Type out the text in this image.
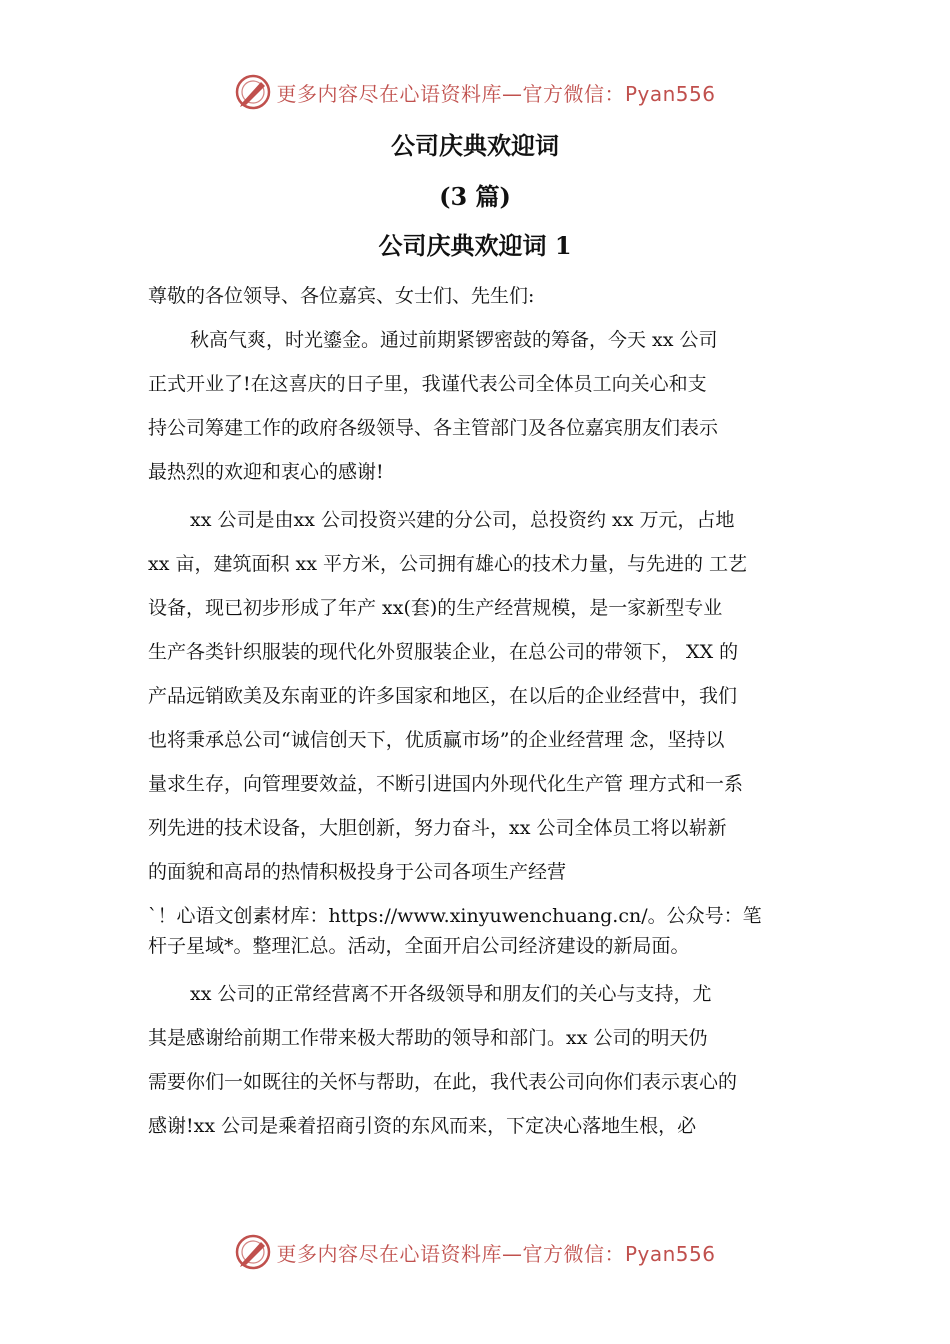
更多内容尽在心语资料库—官方微信：Pyan556
公司庆典欢迎词
(3 篇)
公司庆典欢迎词 1

尊敬的各位领导、各位嘉宾、女士们、先生们:

秋高气爽，时光鎏金。通过前期紧锣密鼓的筹备，今天 xx 公司

正式开业了!在这喜庆的日子里，我谨代表公司全体员工向关心和支

持公司筹建工作的政府各级领导、各主管部门及各位嘉宾朋友们表示

最热烈的欢迎和衷心的感谢!

xx 公司是由xx 公司投资兴建的分公司，总投资约 xx 万元，占地

xx 亩，建筑面积 xx 平方米，公司拥有雄心的技术力量，与先进的 工艺

设备，现已初步形成了年产 xx(套)的生产经营规模，是一家新型专业

生产各类针织服装的现代化外贸服装企业，在总公司的带领下， XX 的

产品远销欧美及东南亚的许多国家和地区，在以后的企业经营中，我们

也将秉承总公司“诚信创天下，优质赢市场”的企业经营理 念，坚持以

量求生存，向管理要效益，不断引进国内外现代化生产管 理方式和一系

列先进的技术设备，大胆创新，努力奋斗，xx 公司全体员工将以崭新

的面貌和高昂的热情积极投身于公司各项生产经营

`！心语文创素材库：https://www.xinyuwenchuang.cn/。公众号：笔

杆子星域*。整理汇总。活动，全面开启公司经济建设的新局面。

xx 公司的正常经营离不开各级领导和朋友们的关心与支持，尤

其是感谢给前期工作带来极大帮助的领导和部门。xx 公司的明天仍

需要你们一如既往的关怀与帮助，在此，我代表公司向你们表示衷心的

感谢!xx 公司是乘着招商引资的东风而来，下定决心落地生根，必

更多内容尽在心语资料库—官方微信：Pyan556
